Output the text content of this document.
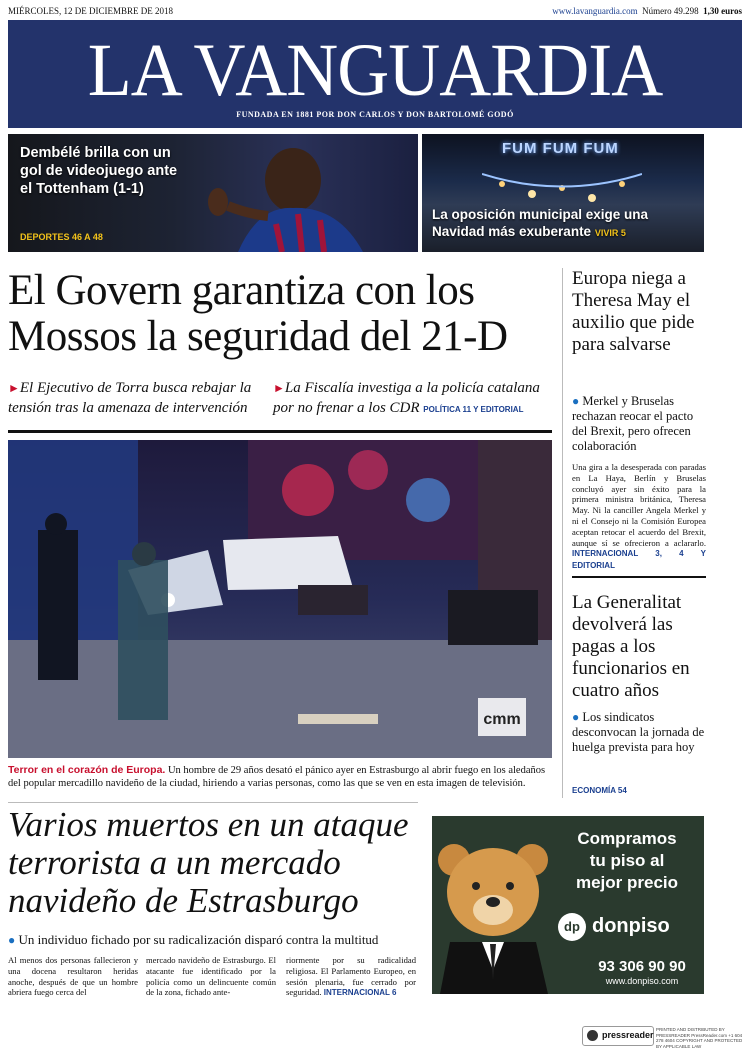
MIÉRCOLES, 12 DE DICIEMBRE DE 2018	www.lavanguardia.com Número 49.298 1,30 euros
LA VANGUARDIA
FUNDADA EN 1881 POR DON CARLOS Y DON BARTOLOMÉ GODÓ
Dembélé brilla con un gol de videojuego ante el Tottenham (1-1)
DEPORTES 46 A 48
FUM FUM FUM
La oposición municipal exige una Navidad más exuberante VIVIR 5
El Govern garantiza con los Mossos la seguridad del 21-D
►El Ejecutivo de Torra busca rebajar la tensión tras la amenaza de intervención
►La Fiscalía investiga a la policía catalana por no frenar a los CDR POLÍTICA 11 Y EDITORIAL
cmm
Terror en el corazón de Europa. Un hombre de 29 años desató el pánico ayer en Estrasburgo al abrir fuego en los aledaños del popular mercadillo navideño de la ciudad, hiriendo a varias personas, como las que se ven en esta imagen de televisión.
Varios muertos en un ataque terrorista a un mercado navideño de Estrasburgo
● Un individuo fichado por su radicalización disparó contra la multitud
Al menos dos personas fallecieron y una docena resultaron heridas anoche, después de que un hombre abriera fuego cerca del
mercado navideño de Estrasburgo. El atacante fue identificado por la policía como un delincuente común de la zona, fichado ante-
riormente por su radicalidad religiosa. El Parlamento Europeo, en sesión plenaria, fue cerrado por seguridad. INTERNACIONAL 6
Europa niega a Theresa May el auxilio que pide para salvarse
● Merkel y Bruselas rechazan reocar el pacto del Brexit, pero ofrecen colaboración
Una gira a la desesperada con paradas en La Haya, Berlín y Bruselas concluyó ayer sin éxito para la primera ministra británica, Theresa May. Ni la canciller Angela Merkel y ni el Consejo ni la Comisión Europea aceptan retocar el acuerdo del Brexit, aunque sí se ofrecieron a aclararlo. INTERNACIONAL 3, 4 Y EDITORIAL
La Generalitat devolverá las pagas a los funcionarios en cuatro años
● Los sindicatos desconvocan la jornada de huelga prevista para hoy
ECONOMÍA 54
Compramos
tu piso al
mejor precio
dp donpiso
93 306 90 90
www.donpiso.com
pressreader
PRINTED AND DISTRIBUTED BY PRESSREADER PressReader.com +1 604 278 4604 COPYRIGHT AND PROTECTED BY APPLICABLE LAW
